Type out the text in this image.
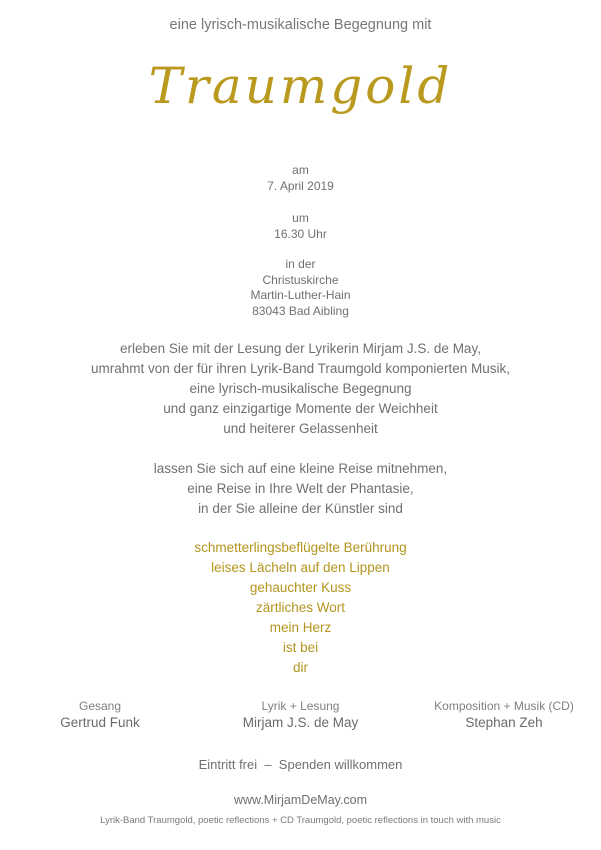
eine lyrisch-musikalische Begegnung mit
Traumgold
am
7. April 2019
um
16.30 Uhr
in der
Christuskirche
Martin-Luther-Hain
83043 Bad Aibling
erleben Sie mit der Lesung der Lyrikerin Mirjam J.S. de May,
umrahmt von der für ihren Lyrik-Band Traumgold komponierten Musik,
eine lyrisch-musikalische Begegnung
und ganz einzigartige Momente der Weichheit
und heiterer Gelassenheit
lassen Sie sich auf eine kleine Reise mitnehmen,
eine Reise in Ihre Welt der Phantasie,
in der Sie alleine der Künstler sind
schmetterlingsbeflügelte Berührung
leises Lächeln auf den Lippen
gehauchter Kuss
zärtliches Wort
mein Herz
ist bei
dir
Gesang
Gertrud Funk
Lyrik + Lesung
Mirjam J.S. de May
Komposition + Musik (CD)
Stephan Zeh
Eintritt frei  –  Spenden willkommen
www.MirjamDeMay.com
Lyrik-Band Traumgold, poetic reflections + CD Traumgold, poetic reflections in touch with music
